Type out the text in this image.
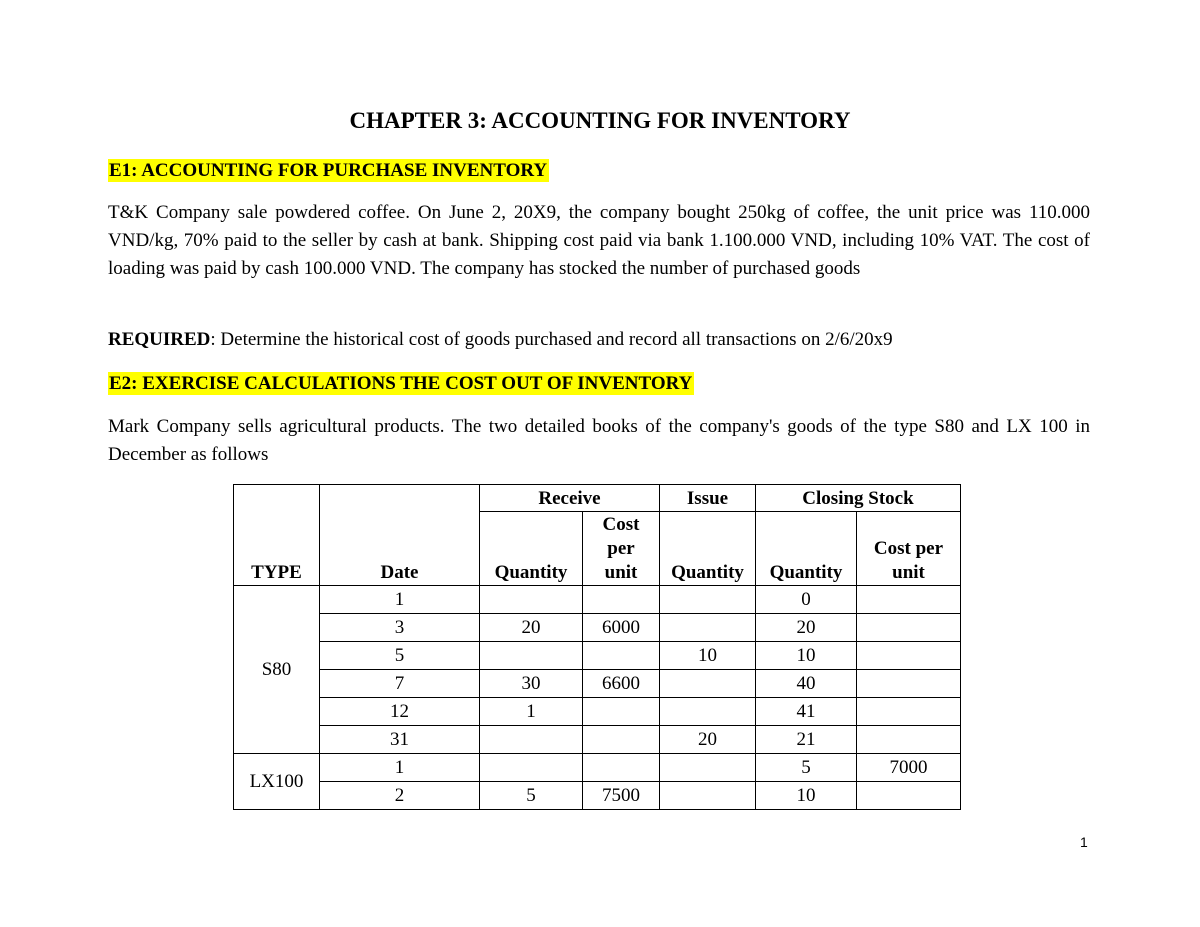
CHAPTER 3: ACCOUNTING FOR INVENTORY
E1: ACCOUNTING FOR PURCHASE INVENTORY
T&K Company sale powdered coffee. On June 2, 20X9, the company bought 250kg of coffee, the unit price was 110.000 VND/kg, 70% paid to the seller by cash at bank. Shipping cost paid via bank 1.100.000 VND, including 10% VAT. The cost of loading was paid by cash 100.000 VND. The company has stocked the number of purchased goods
REQUIRED: Determine the historical cost of goods purchased and record all transactions on 2/6/20x9
E2: EXERCISE CALCULATIONS THE COST OUT OF INVENTORY
Mark Company sells agricultural products. The two detailed books of the company's goods of the type S80 and LX 100 in December as follows
TYPE	Date	Receive		Issue	Closing Stock	
		Quantity	Cost per unit	Quantity	Quantity	Cost per unit
S80	1				0	
	3	20	6000		20	
	5			10	10	
	7	30	6600		40	
	12	1			41	
	31			20	21	
LX100	1				5	7000
	2	5	7500		10	
1
